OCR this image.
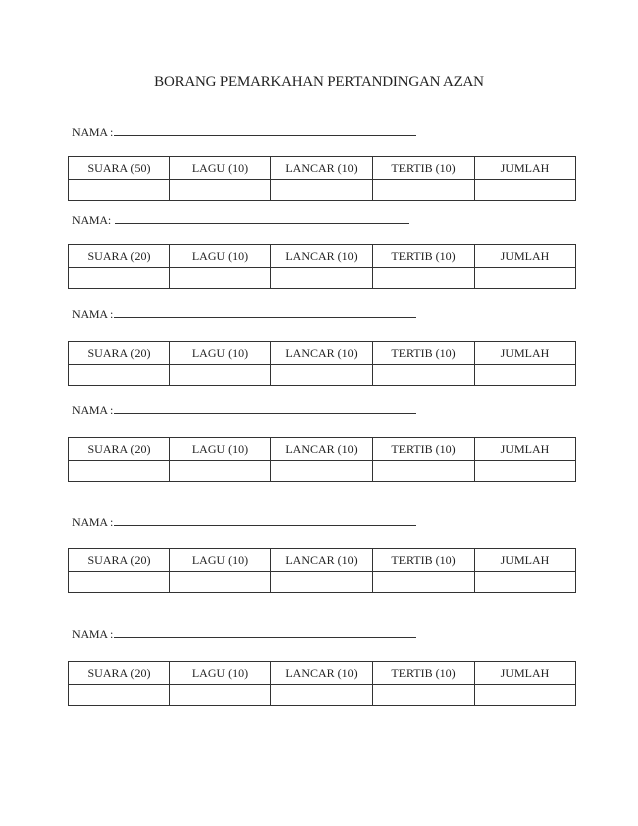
BORANG PEMARKAHAN PERTANDINGAN AZAN
NAMA :
SUARA (50)	LAGU (10)	LANCAR (10)	TERTIB (10)	JUMLAH

NAMA:
SUARA (20)	LAGU (10)	LANCAR (10)	TERTIB (10)	JUMLAH

NAMA :
SUARA (20)	LAGU (10)	LANCAR (10)	TERTIB (10)	JUMLAH

NAMA :
SUARA (20)	LAGU (10)	LANCAR (10)	TERTIB (10)	JUMLAH

NAMA :
SUARA (20)	LAGU (10)	LANCAR (10)	TERTIB (10)	JUMLAH

NAMA :
SUARA (20)	LAGU (10)	LANCAR (10)	TERTIB (10)	JUMLAH
